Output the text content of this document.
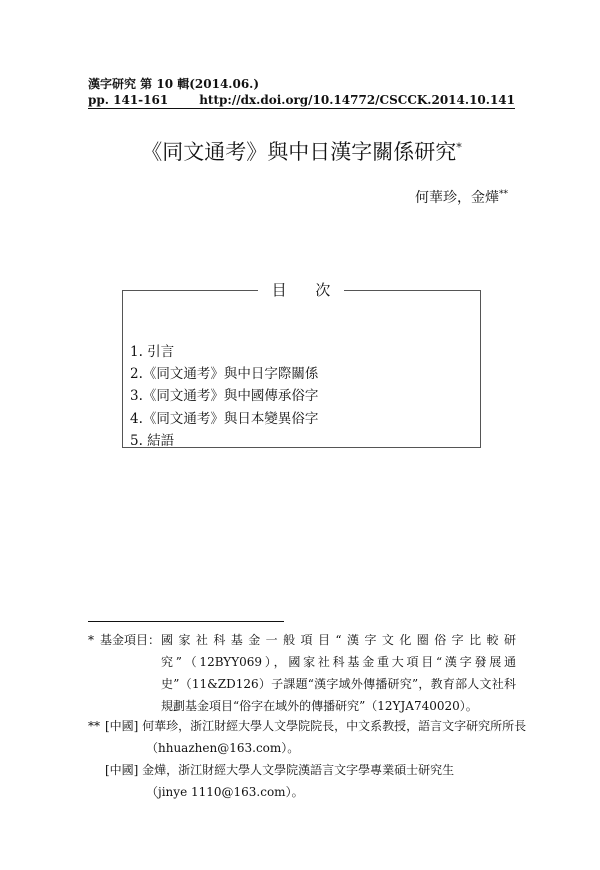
漢字研究 第 10 輯(2014.06.)
pp. 141-161	http://dx.doi.org/10.14772/CSCCK.2014.10.141
《同文通考》與中日漢字關係研究*
何華珍，金燁**
目 次
1. 引言
2.《同文通考》與中日字際關係
3.《同文通考》與中國傳承俗字
4.《同文通考》與日本變異俗字
5. 結語
* 基金項目： 國家社科基金一般項目“漢字文化圈俗字比較研究”（12BYY069），國家社科基金重大項目“漢字發展通史”（11&ZD126）子課題“漢字域外傳播研究”，教育部人文社科規劃基金項目“俗字在域外的傳播研究”（12YJA740020）。
** [中國] 何華珍，浙江財經大學人文學院院長，中文系教授，語言文字研究所所長
（hhuazhen@163.com）。
[中國] 金燁，浙江財經大學人文學院漢語言文字學專業碩士研究生
（jinye 1110@163.com）。
